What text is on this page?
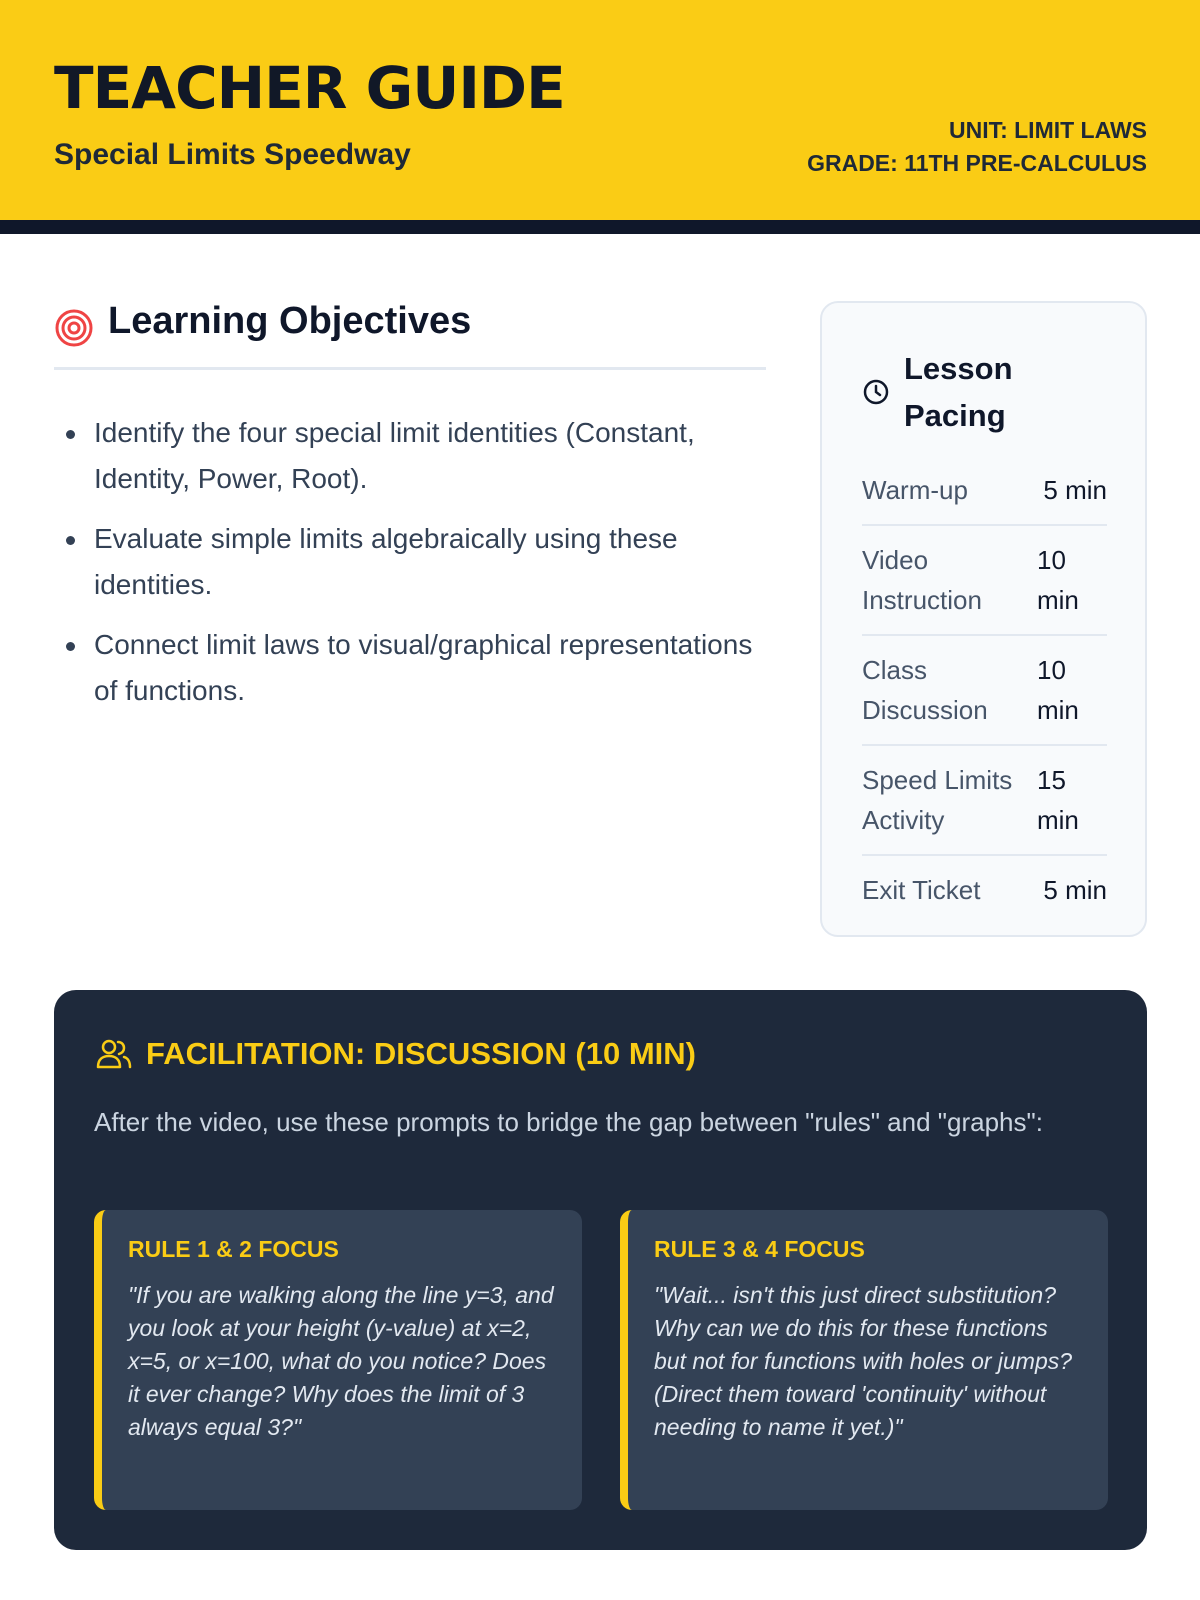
TEACHER GUIDE
Special Limits Speedway
UNIT: LIMIT LAWS
GRADE: 11TH PRE-CALCULUS
Learning Objectives
Identify the four special limit identities (Constant, Identity, Power, Root).
Evaluate simple limits algebraically using these identities.
Connect limit laws to visual/graphical representations of functions.
Lesson Pacing
Warm-up	5 min
Video Instruction
10 min
Class Discussion
10 min
Speed Limits Activity
15 min
Exit Ticket	5 min
FACILITATION: DISCUSSION (10 MIN)

After the video, use these prompts to bridge the gap between "rules" and "graphs":

RULE 1 & 2 FOCUS
"If you are walking along the line y=3, and you look at your height (y-value) at x=2, x=5, or x=100, what do you notice? Does it ever change? Why does the limit of 3 always equal 3?"
RULE 3 & 4 FOCUS
"Wait... isn't this just direct substitution? Why can we do this for these functions but not for functions with holes or jumps? (Direct them toward 'continuity' without needing to name it yet.)"
